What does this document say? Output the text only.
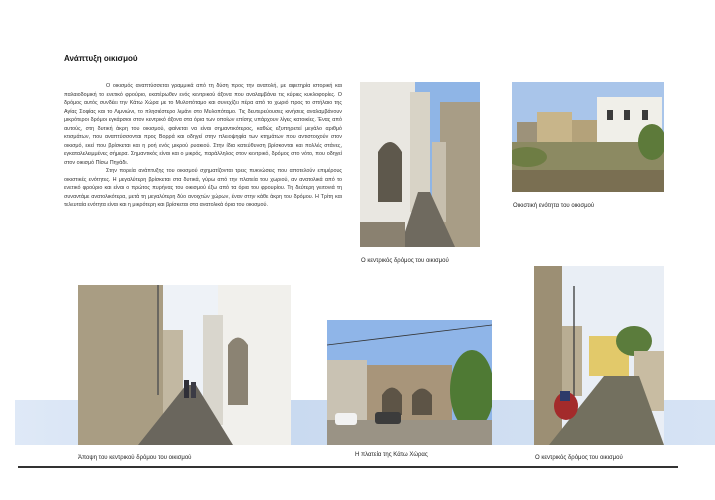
Ανάπτυξη οικισμού
Ο οικισμός αναπτύσσεται γραμμικά από τη δύση προς την ανατολή, με αφετηρία ιστορική και παλαιοδομική το ενετικό φρούριο, εκατέρωθεν ενός κεντρικού άξονα που αναλαμβάνει τις κύριες κυκλοφορίες. Ο δρόμος αυτός συνδέει την Κάτω Χώρα με το Μυλοπόταμο και συνεχίζει πέρα από το χωριό προς το σπήλαιο της Αγίας Σοφίας και το Λιμνιώνι, το πλησιέστερο λιμάνι στο Μυλοπόταμο. Τις δευτερεύουσες κινήσεις αναλαμβάνουν μικρότεροι δρόμοι εγκάρσιοι στον κεντρικό άξονα στα όρια των οποίων επίσης υπάρχουν λίγες κατοικίες. Ένας από αυτούς, στη δυτική άκρη του οικισμού, φαίνεται να είναι σημαντικότερος, καθώς εξυπηρετεί μεγάλο αριθμό κτισμάτων, που αναπτύσσονται προς Βορρά και οδηγεί στην πλειοψηφία των κτημάτων που αντιστοιχούν στον οικισμό, εκεί που βρίσκεται και η ροή ενός μικρού ρυακιού. Στην ίδια κατεύθυνση βρίσκονται και πολλές στάνες, εγκαταλελειμμένες σήμερα. Σημαντικός είναι και ο μικρός, παράλληλος στον κεντρικό, δρόμος στο νότο, που οδηγεί στον οικισμό Πίσω Πηγάδι.
Στην πορεία ανάπτυξης του οικισμού σχηματίζονται τρεις πυκνώσεις που αποτελούν επιμέρους οικιστικές ενότητες. Η μεγαλύτερη βρίσκεται στα δυτικά, γύρω από την πλατεία του χωριού, αν ανατολικά από το ενετικό φρούριο και είναι ο πρώτος πυρήνας του οικισμού έξω από τα όρια του φρουρίου. Τη δεύτερη γειτονιά τη συναντάμε ανατολικότερα, μετά τη μεγαλύτερη δύο ανοιχτών χώρων, έναν στην κάθε άκρη του δρόμου. Η Τρίτη και τελευταία ενότητα είναι και η μικρότερη και βρίσκεται στα ανατολικά όρια του οικισμού.

Ο κεντρικός δρόμος του οικισμού

Οικιστική ενότητα του οικισμού

Άποψη του κεντρικού δρόμου του οικισμού	Η πλατεία της Κάτω Χώρας	Ο κεντρικός δρόμος του οικισμού
